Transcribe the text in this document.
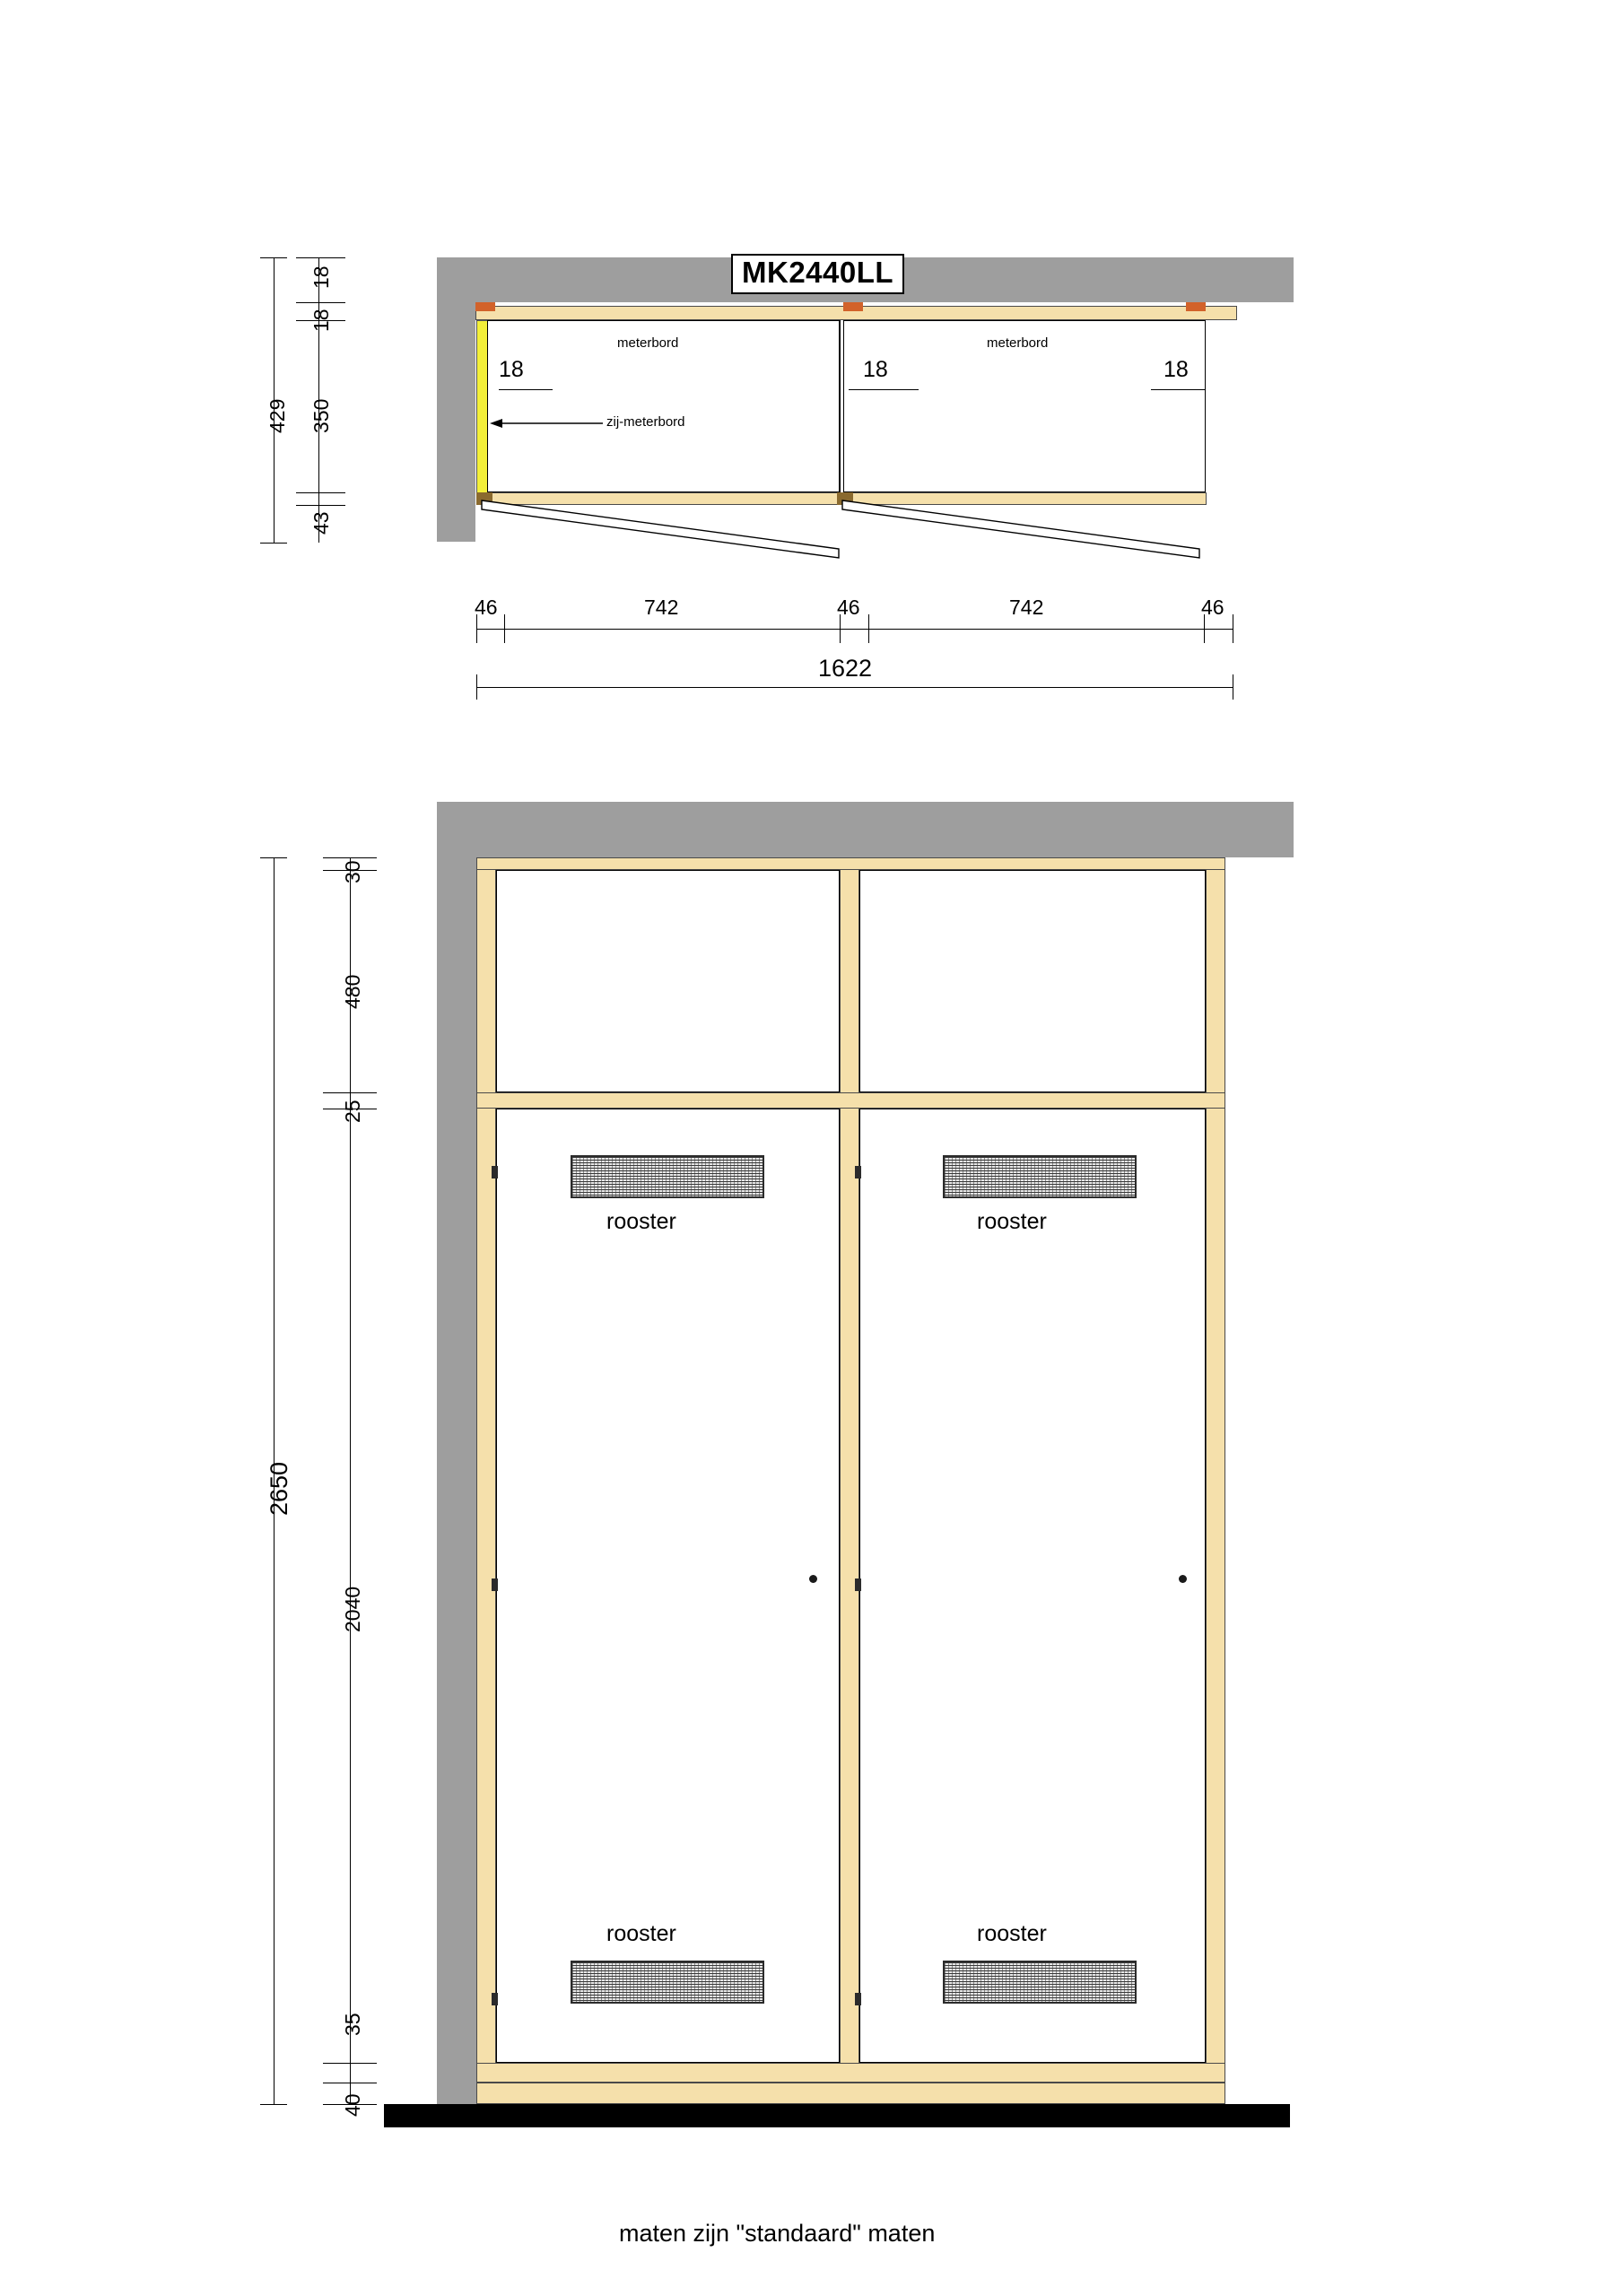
MK2440LL
meterbord	meterbord
18	18	18
zij-meterbord
18
18
350
43
429
46	742	46	742	46
1622
rooster	rooster
rooster	rooster
30
480
25
2040
35
40
2650
maten zijn "standaard" maten
